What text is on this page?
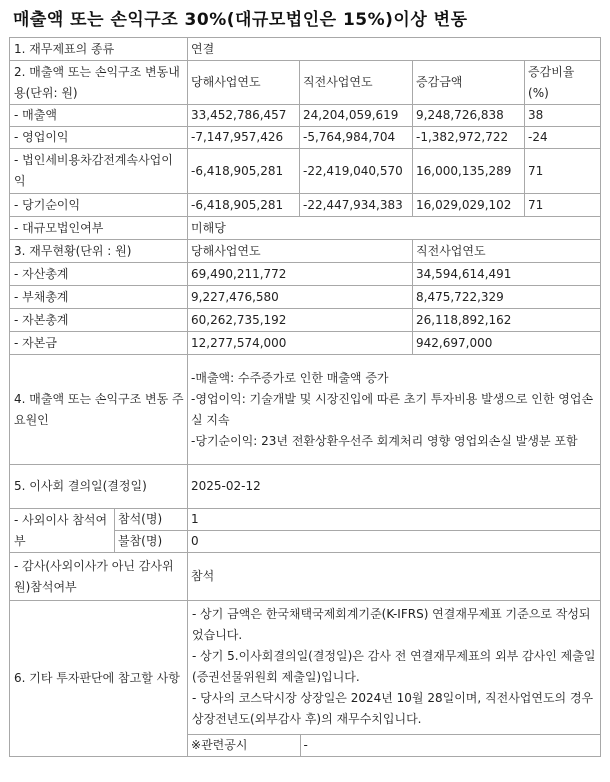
매출액 또는 손익구조 30%(대규모법인은 15%)이상 변동
1. 재무제표의 종류	연결
2. 매출액 또는 손익구조 변동내용(단위: 원)	당해사업연도	직전사업연도	증감금액	증감비율 (%)
- 매출액	33,452,786,457	24,204,059,619	9,248,726,838	38
- 영업이익	-7,147,957,426	-5,764,984,704	-1,382,972,722	-24
- 법인세비용차감전계속사업이익	-6,418,905,281	-22,419,040,570	16,000,135,289	71
- 당기순이익	-6,418,905,281	-22,447,934,383	16,029,029,102	71
- 대규모법인여부	미해당
3. 재무현황(단위 : 원)	당해사업연도	직전사업연도
- 자산총계	69,490,211,772	34,594,614,491
- 부채총계	9,227,476,580	8,475,722,329
- 자본총계	60,262,735,192	26,118,892,162
- 자본금	12,277,574,000	942,697,000
4. 매출액 또는 손익구조 변동 주요원인	
-매출액: 수주증가로 인한 매출액 증가
-영업이익: 기술개발 및 시장진입에 따른 초기 투자비용 발생으로 인한 영업손실 지속
-당기순이익: 23년 전환상환우선주 회계처리 영향 영업외손실 발생분 포함

5. 이사회 결의일(결정일)	2025-02-12
- 사외이사 참석여부	참석(명)	1
불참(명)	0
- 감사(사외이사가 아닌 감사위원)참석여부	참석
6. 기타 투자판단에 참고할 사항	
- 상기 금액은 한국채택국제회계기준(K-IFRS) 연결재무제표 기준으로 작성되었습니다.
- 상기 5.이사회결의일(결정일)은 감사 전 연결재무제표의 외부 감사인 제출일(증권선물위원회 제출일)입니다.
- 당사의 코스닥시장 상장일은 2024년 10월 28일이며, 직전사업연도의 경우 상장전년도(외부감사 후)의 재무수치입니다.
※관련공시	-
